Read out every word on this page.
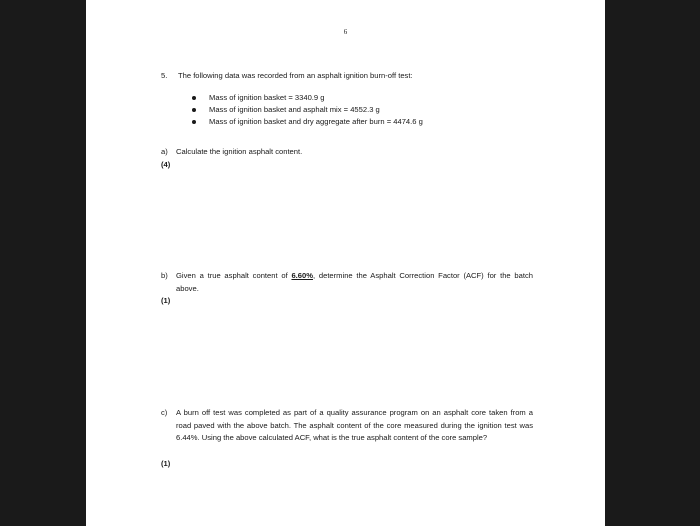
6
5. The following data was recorded from an asphalt ignition burn-off test:
Mass of ignition basket = 3340.9 g
Mass of ignition basket and asphalt mix = 4552.3 g
Mass of ignition basket and dry aggregate after burn = 4474.6 g
a) Calculate the ignition asphalt content.
(4)
b) Given a true asphalt content of 6.60%, determine the Asphalt Correction Factor (ACF) for the batch above.
(1)
c) A burn off test was completed as part of a quality assurance program on an asphalt core taken from a road paved with the above batch. The asphalt content of the core measured during the ignition test was 6.44%. Using the above calculated ACF, what is the true asphalt content of the core sample?
(1)
